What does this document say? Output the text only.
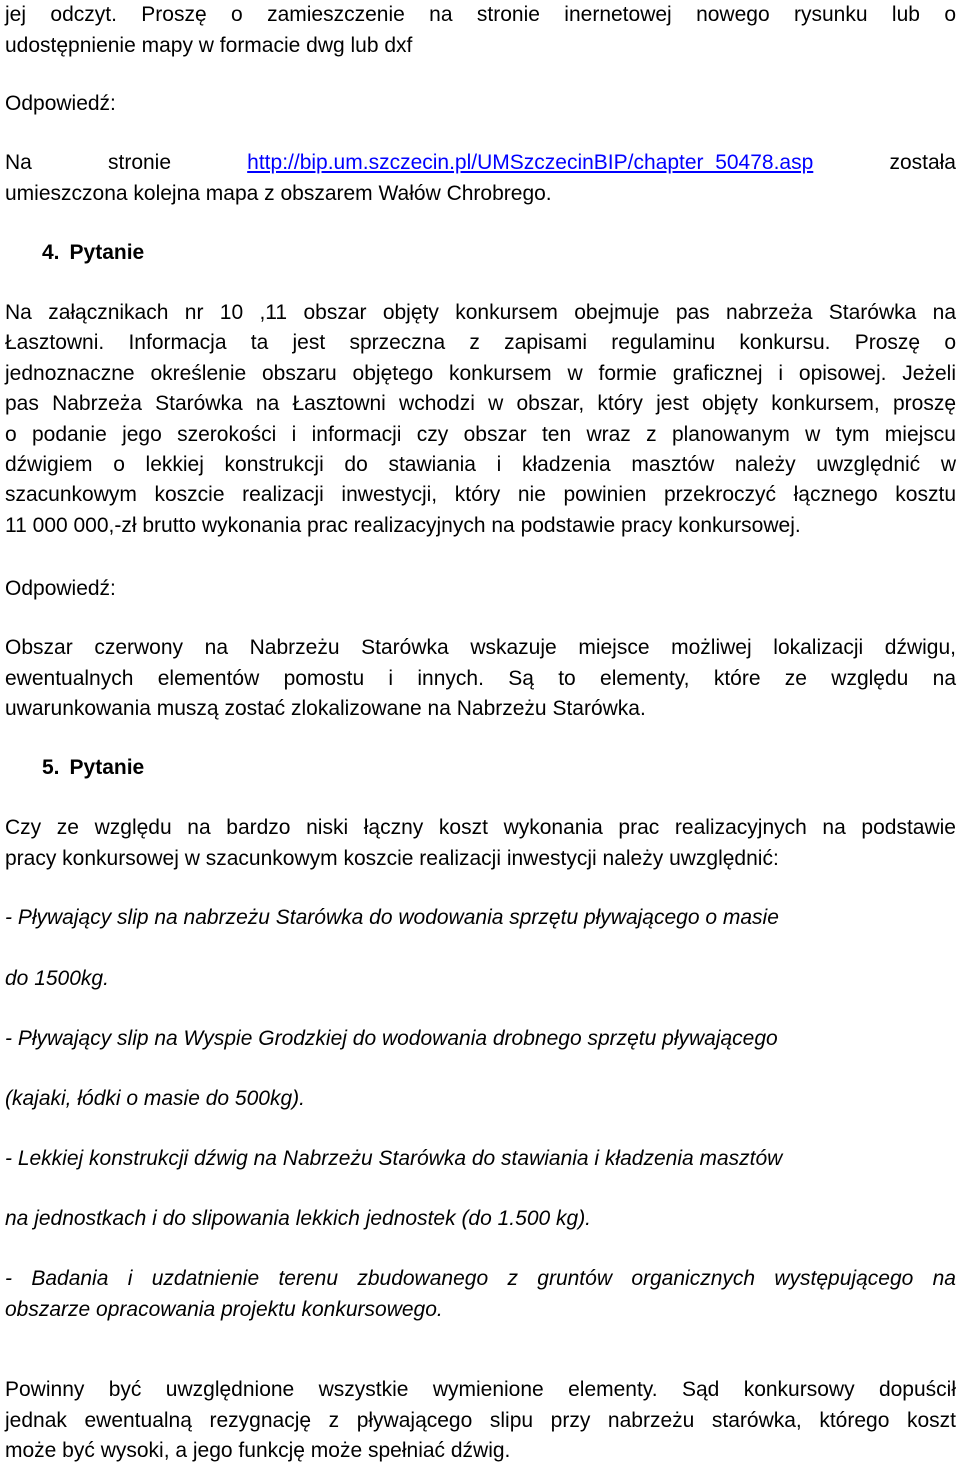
jej odczyt. Proszę o zamieszczenie na stronie inernetowej nowego rysunku lub o
udostępnienie mapy w formacie dwg lub dxf
Odpowiedź:
Na	stronie	http://bip.um.szczecin.pl/UMSzczecinBIP/chapter_50478.asp	została
umieszczona kolejna mapa z obszarem Wałów Chrobrego.
4. Pytanie
Na załącznikach nr 10 ,11 obszar objęty konkursem obejmuje pas nabrzeża Starówka na
Łasztowni. Informacja ta jest sprzeczna z zapisami regulaminu konkursu. Proszę o
jednoznaczne określenie obszaru objętego konkursem w formie graficznej i opisowej. Jeżeli
pas Nabrzeża Starówka na Łasztowni wchodzi w obszar, który jest objęty konkursem, proszę
o podanie jego szerokości i informacji czy obszar ten wraz z planowanym w tym miejscu
dźwigiem o lekkiej konstrukcji do stawiania i kładzenia masztów należy uwzględnić w
szacunkowym koszcie realizacji inwestycji, który nie powinien przekroczyć łącznego kosztu
11 000 000,-zł brutto wykonania prac realizacyjnych na podstawie pracy konkursowej.
Odpowiedź:
Obszar czerwony na Nabrzeżu Starówka wskazuje miejsce możliwej lokalizacji dźwigu,
ewentualnych elementów pomostu i innych. Są to elementy, które ze względu na
uwarunkowania muszą zostać zlokalizowane na Nabrzeżu Starówka.
5. Pytanie
Czy ze względu na bardzo niski łączny koszt wykonania prac realizacyjnych na podstawie
pracy konkursowej w szacunkowym koszcie realizacji inwestycji należy uwzględnić:
- Pływający slip na nabrzeżu Starówka do wodowania sprzętu pływającego o masie
do 1500kg.
- Pływający slip na Wyspie Grodzkiej do wodowania drobnego sprzętu pływającego
(kajaki, łódki o masie do 500kg).
- Lekkiej konstrukcji dźwig na Nabrzeżu Starówka do stawiania i kładzenia masztów
na jednostkach i do slipowania lekkich jednostek (do 1.500 kg).
- Badania i uzdatnienie terenu zbudowanego z gruntów organicznych występującego na
obszarze opracowania projektu konkursowego.
Powinny być uwzględnione wszystkie wymienione elementy. Sąd konkursowy dopuścił
jednak ewentualną rezygnację z pływającego slipu przy nabrzeżu starówka, którego koszt
może być wysoki, a jego funkcję może spełniać dźwig.
